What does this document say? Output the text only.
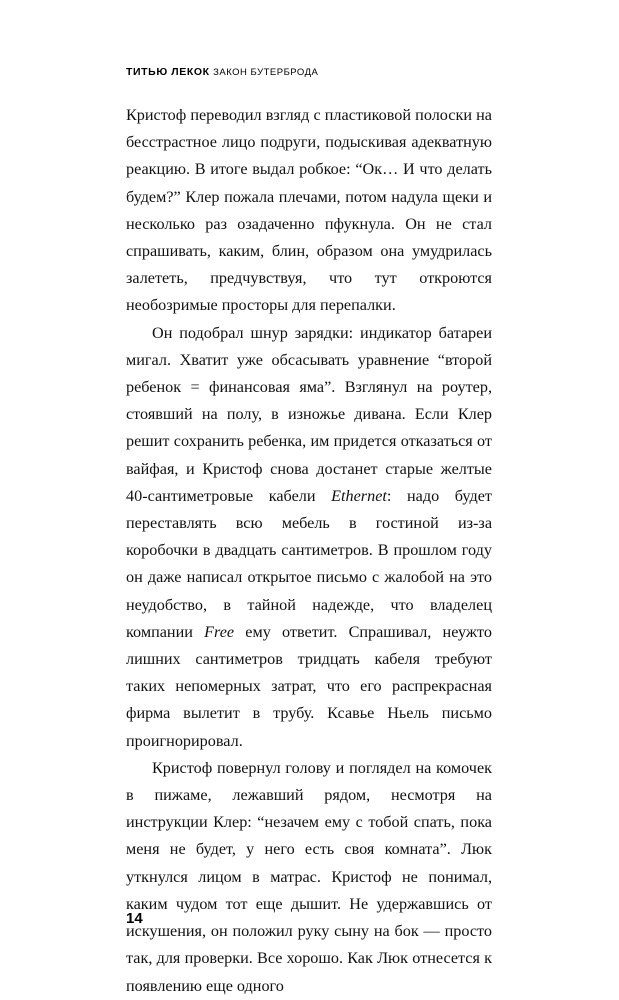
ТИТЬЮ ЛЕКОК ЗАКОН БУТЕРБРОДА

Кристоф переводил взгляд с пластиковой полоски на бесстрастное лицо подруги, подыскивая адекватную реакцию. В итоге выдал робкое: “Ок… И что делать будем?” Клер пожала плечами, потом надула щеки и несколько раз озадаченно пфукнула. Он не стал спрашивать, каким, блин, образом она умудрилась залететь, предчувствуя, что тут откроются необозримые просторы для перепалки.

Он подобрал шнур зарядки: индикатор батареи мигал. Хватит уже обсасывать уравнение “второй ребенок = финансовая яма”. Взглянул на роутер, стоявший на полу, в изножье дивана. Если Клер решит сохранить ребенка, им придется отказаться от вайфая, и Кристоф снова достанет старые желтые 40-сантиметровые кабели Ethernet: надо будет переставлять всю мебель в гостиной из-за коробочки в двадцать сантиметров. В прошлом году он даже написал открытое письмо с жалобой на это неудобство, в тайной надежде, что владелец компании Free ему ответит. Спрашивал, неужто лишних сантиметров тридцать кабеля требуют таких непомерных затрат, что его распрекрасная фирма вылетит в трубу. Ксавье Ньель письмо проигнорировал.

Кристоф повернул голову и поглядел на комочек в пижаме, лежавший рядом, несмотря на инструкции Клер: “незачем ему с тобой спать, пока меня не будет, у него есть своя комната”. Люк уткнулся лицом в матрас. Кристоф не понимал, каким чудом тот еще дышит. Не удержавшись от искушения, он положил руку сыну на бок — просто так, для проверки. Все хорошо. Как Люк отнесется к появлению еще одного

14
